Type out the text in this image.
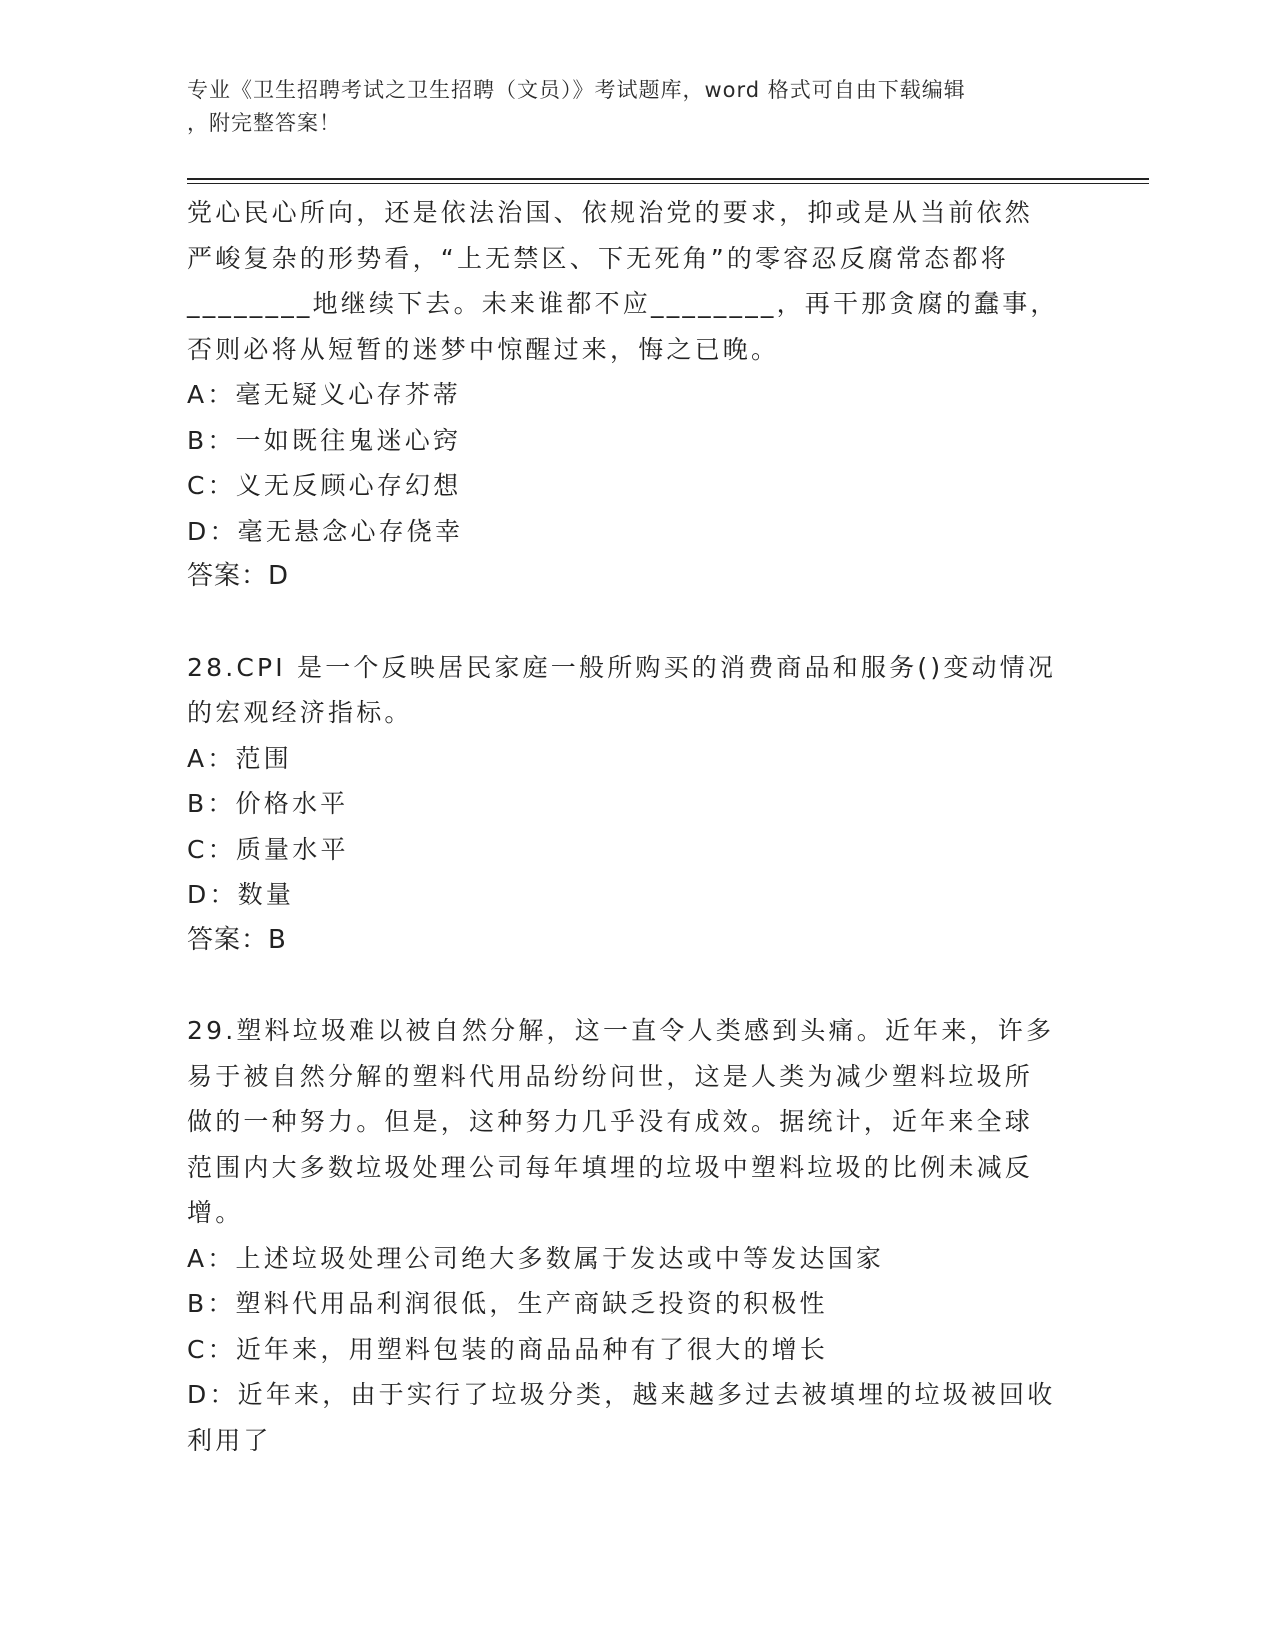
专业《卫生招聘考试之卫生招聘（文员）》考试题库，word 格式可自由下载编辑
，附完整答案！

党心民心所向，还是依法治国、依规治党的要求，抑或是从当前依然

严峻复杂的形势看，“上无禁区、下无死角”的零容忍反腐常态都将

________地继续下去。未来谁都不应________，再干那贪腐的蠢事，

否则必将从短暂的迷梦中惊醒过来，悔之已晚。

A：毫无疑义心存芥蒂

B：一如既往鬼迷心窍

C：义无反顾心存幻想

D：毫无悬念心存侥幸

答案：D

28.CPI 是一个反映居民家庭一般所购买的消费商品和服务()变动情况

的宏观经济指标。

A：范围

B：价格水平

C：质量水平

D：数量

答案：B

29.塑料垃圾难以被自然分解，这一直令人类感到头痛。近年来，许多

易于被自然分解的塑料代用品纷纷问世，这是人类为减少塑料垃圾所

做的一种努力。但是，这种努力几乎没有成效。据统计，近年来全球

范围内大多数垃圾处理公司每年填埋的垃圾中塑料垃圾的比例未减反

增。

A：上述垃圾处理公司绝大多数属于发达或中等发达国家

B：塑料代用品利润很低，生产商缺乏投资的积极性

C：近年来，用塑料包装的商品品种有了很大的增长

D：近年来，由于实行了垃圾分类，越来越多过去被填埋的垃圾被回收

利用了
